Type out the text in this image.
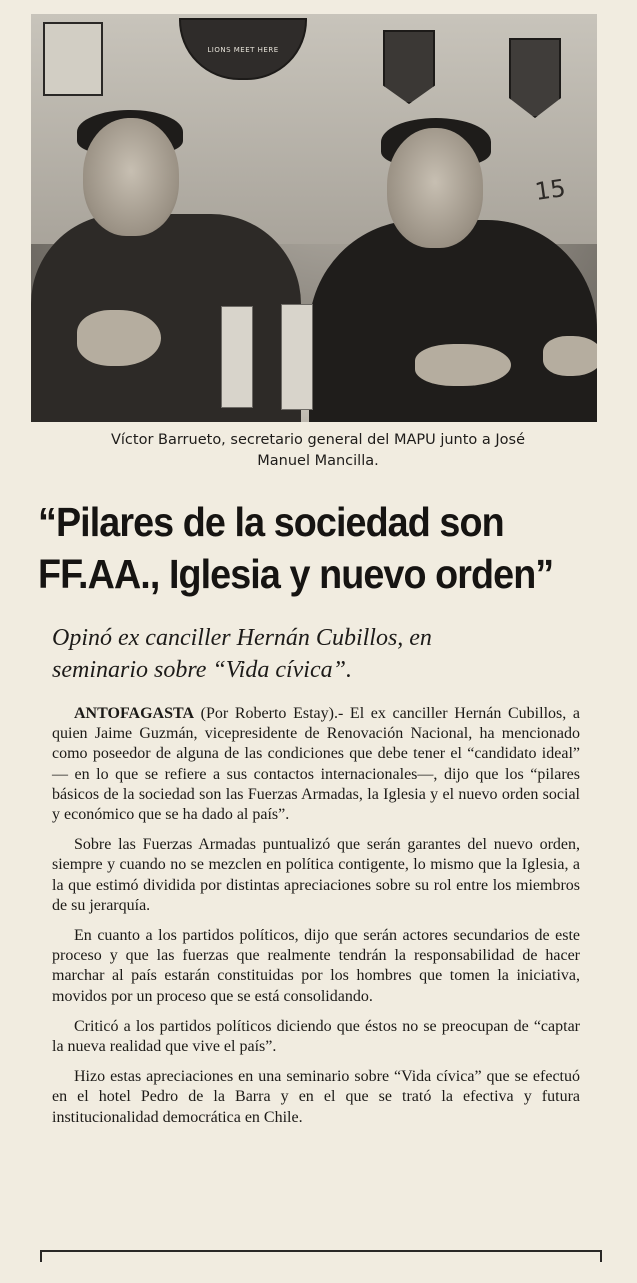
LIONS MEET HERE
15
Víctor Barrueto, secretario general del MAPU junto a José
Manuel Mancilla.
“Pilares de la sociedad son
FF.AA., Iglesia y nuevo orden”
Opinó ex canciller Hernán Cubillos, en
seminario sobre “Vida cívica”.

ANTOFAGASTA (Por Roberto Estay).- El ex canciller Hernán Cubillos, a quien Jaime Guzmán, vicepresidente de Renovación Nacional, ha mencionado como poseedor de alguna de las condiciones que debe tener el “candidato ideal” — en lo que se refiere a sus contactos internacionales—, dijo que los “pilares básicos de la sociedad son las Fuerzas Armadas, la Iglesia y el nuevo orden social y económico que se ha dado al país”.

Sobre las Fuerzas Armadas puntualizó que serán garantes del nuevo orden, siempre y cuando no se mezclen en política contigente, lo mismo que la Iglesia, a la que estimó dividida por distintas apreciaciones sobre su rol entre los miembros de su jerarquía.

En cuanto a los partidos políticos, dijo que serán actores secundarios de este proceso y que las fuerzas que realmente tendrán la responsabilidad de hacer marchar al país estarán constituidas por los hombres que tomen la iniciativa, movidos por un proceso que se está consolidando.

Criticó a los partidos políticos diciendo que éstos no se preocupan de “captar la nueva realidad que vive el país”.

Hizo estas apreciaciones en una seminario sobre “Vida cívica” que se efectuó en el hotel Pedro de la Barra y en el que se trató la efectiva y futura institucionalidad democrática en Chile.
